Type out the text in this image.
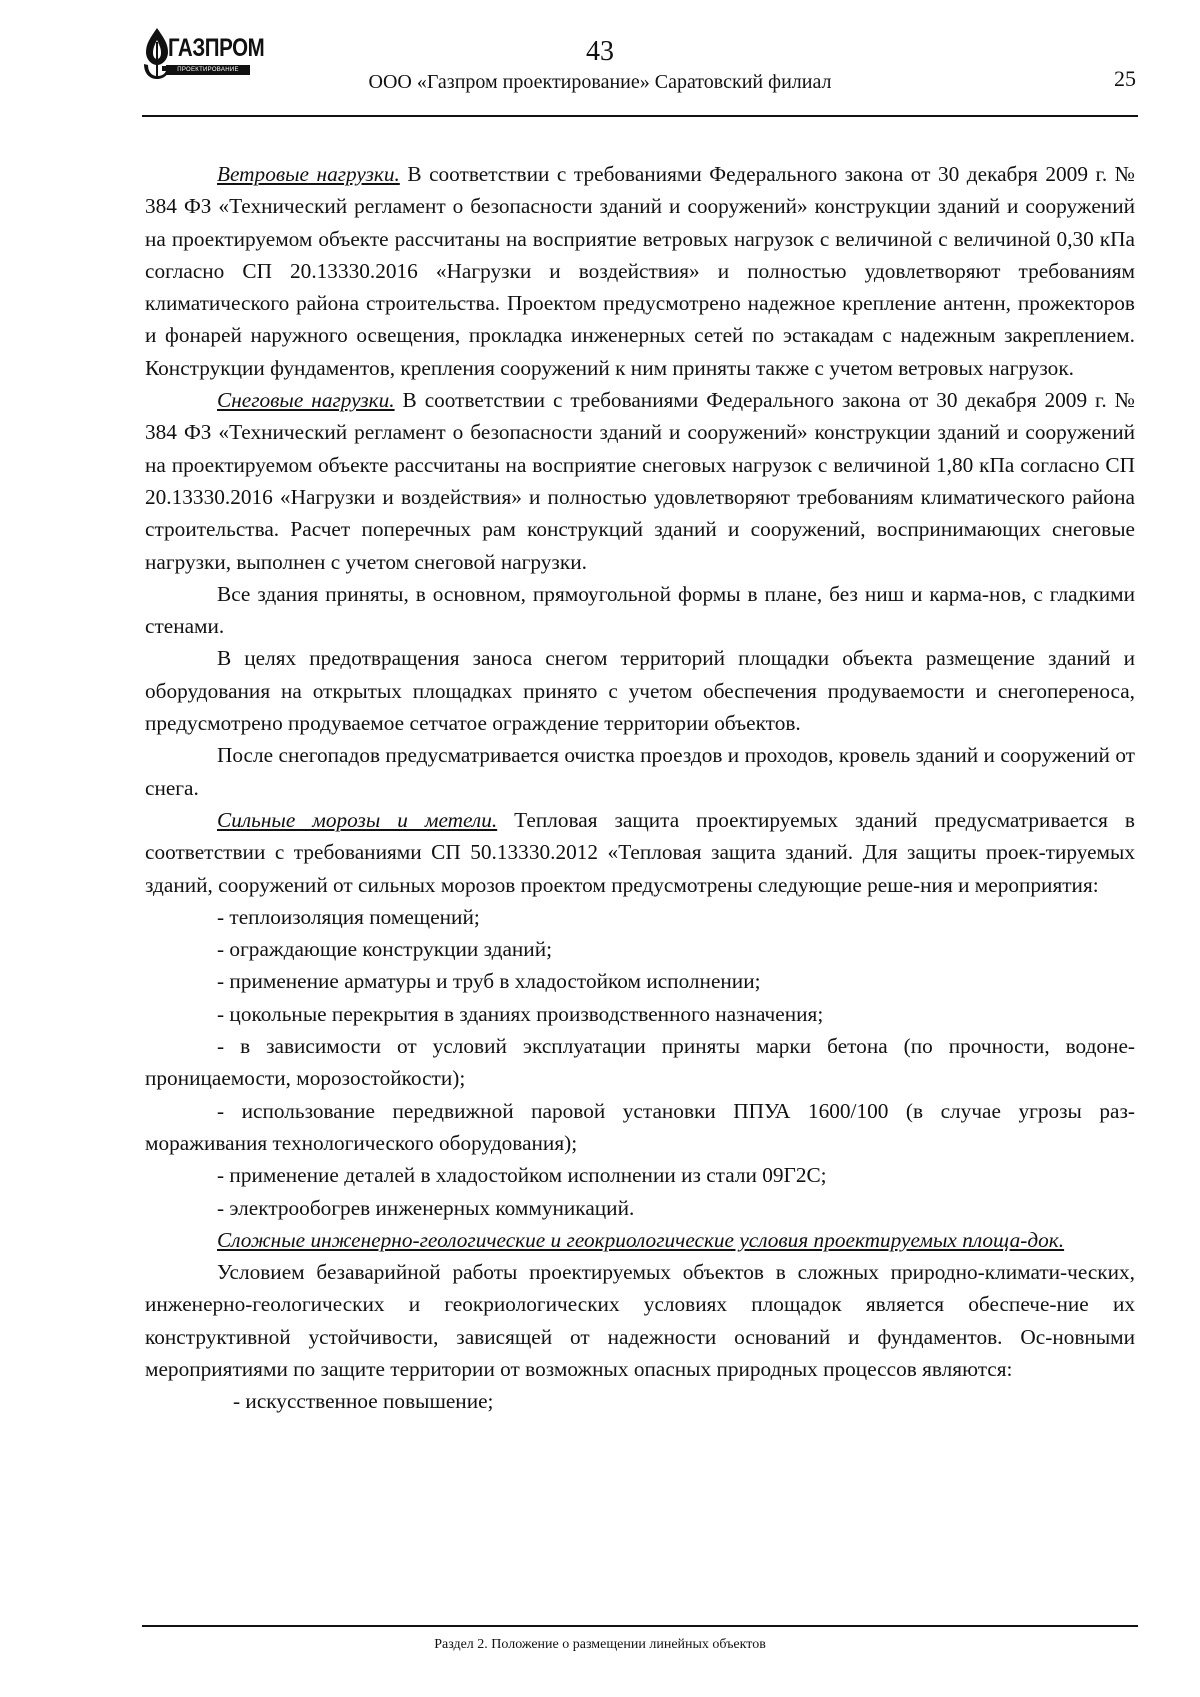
ГАЗПРОМ
ПРОЕКТИРОВАНИЕ
43
ООО «Газпром проектирование» Саратовский филиал	25

Ветровые нагрузки. В соответствии с требованиями Федерального закона от 30 декабря 2009 г. № 384 ФЗ «Технический регламент о безопасности зданий и сооружений» конструкции зданий и сооружений на проектируемом объекте рассчитаны на восприятие ветровых нагрузок с величиной с величиной 0,30 кПа согласно СП 20.13330.2016 «Нагрузки и воздействия» и полностью удовлетворяют требованиям климатического района строительства. Проектом предусмотрено надежное крепление антенн, прожекторов и фонарей наружного освещения, прокладка инженерных сетей по эстакадам с надежным закреплением. Конструкции фундаментов, крепления сооружений к ним приняты также с учетом ветровых нагрузок.

Снеговые нагрузки. В соответствии с требованиями Федерального закона от 30 декабря 2009 г. № 384 ФЗ «Технический регламент о безопасности зданий и сооружений» конструкции зданий и сооружений на проектируемом объекте рассчитаны на восприятие снеговых нагрузок с величиной 1,80 кПа согласно СП 20.13330.2016 «Нагрузки и воздействия» и полностью удовлетворяют требованиям климатического района строительства. Расчет поперечных рам конструкций зданий и сооружений, воспринимающих снеговые нагрузки, выполнен с учетом снеговой нагрузки.

Все здания приняты, в основном, прямоугольной формы в плане, без ниш и карма-нов, с гладкими стенами.

В целях предотвращения заноса снегом территорий площадки объекта размещение зданий и оборудования на открытых площадках принято с учетом обеспечения продуваемости и снегопереноса, предусмотрено продуваемое сетчатое ограждение территории объектов.

После снегопадов предусматривается очистка проездов и проходов, кровель зданий и сооружений от снега.

Сильные морозы и метели. Тепловая защита проектируемых зданий предусматривается в соответствии с требованиями СП 50.13330.2012 «Тепловая защита зданий. Для защиты проек-тируемых зданий, сооружений от сильных морозов проектом предусмотрены следующие реше-ния и мероприятия:

- теплоизоляция помещений;

- ограждающие конструкции зданий;

- применение арматуры и труб в хладостойком исполнении;

- цокольные перекрытия в зданиях производственного назначения;

- в зависимости от условий эксплуатации приняты марки бетона (по прочности, водоне-проницаемости, морозостойкости);

- использование передвижной паровой установки ППУА 1600/100 (в случае угрозы раз-мораживания технологического оборудования);

- применение деталей в хладостойком исполнении из стали 09Г2С;

- электрообогрев инженерных коммуникаций.

Сложные инженерно-геологические и геокриологические условия проектируемых площа-док.

Условием безаварийной работы проектируемых объектов в сложных природно-климати-ческих, инженерно-геологических и геокриологических условиях площадок является обеспече-ние их конструктивной устойчивости, зависящей от надежности оснований и фундаментов. Ос-новными мероприятиями по защите территории от возможных опасных природных процессов являются:

- искусственное повышение;

Раздел 2. Положение о размещении линейных объектов
